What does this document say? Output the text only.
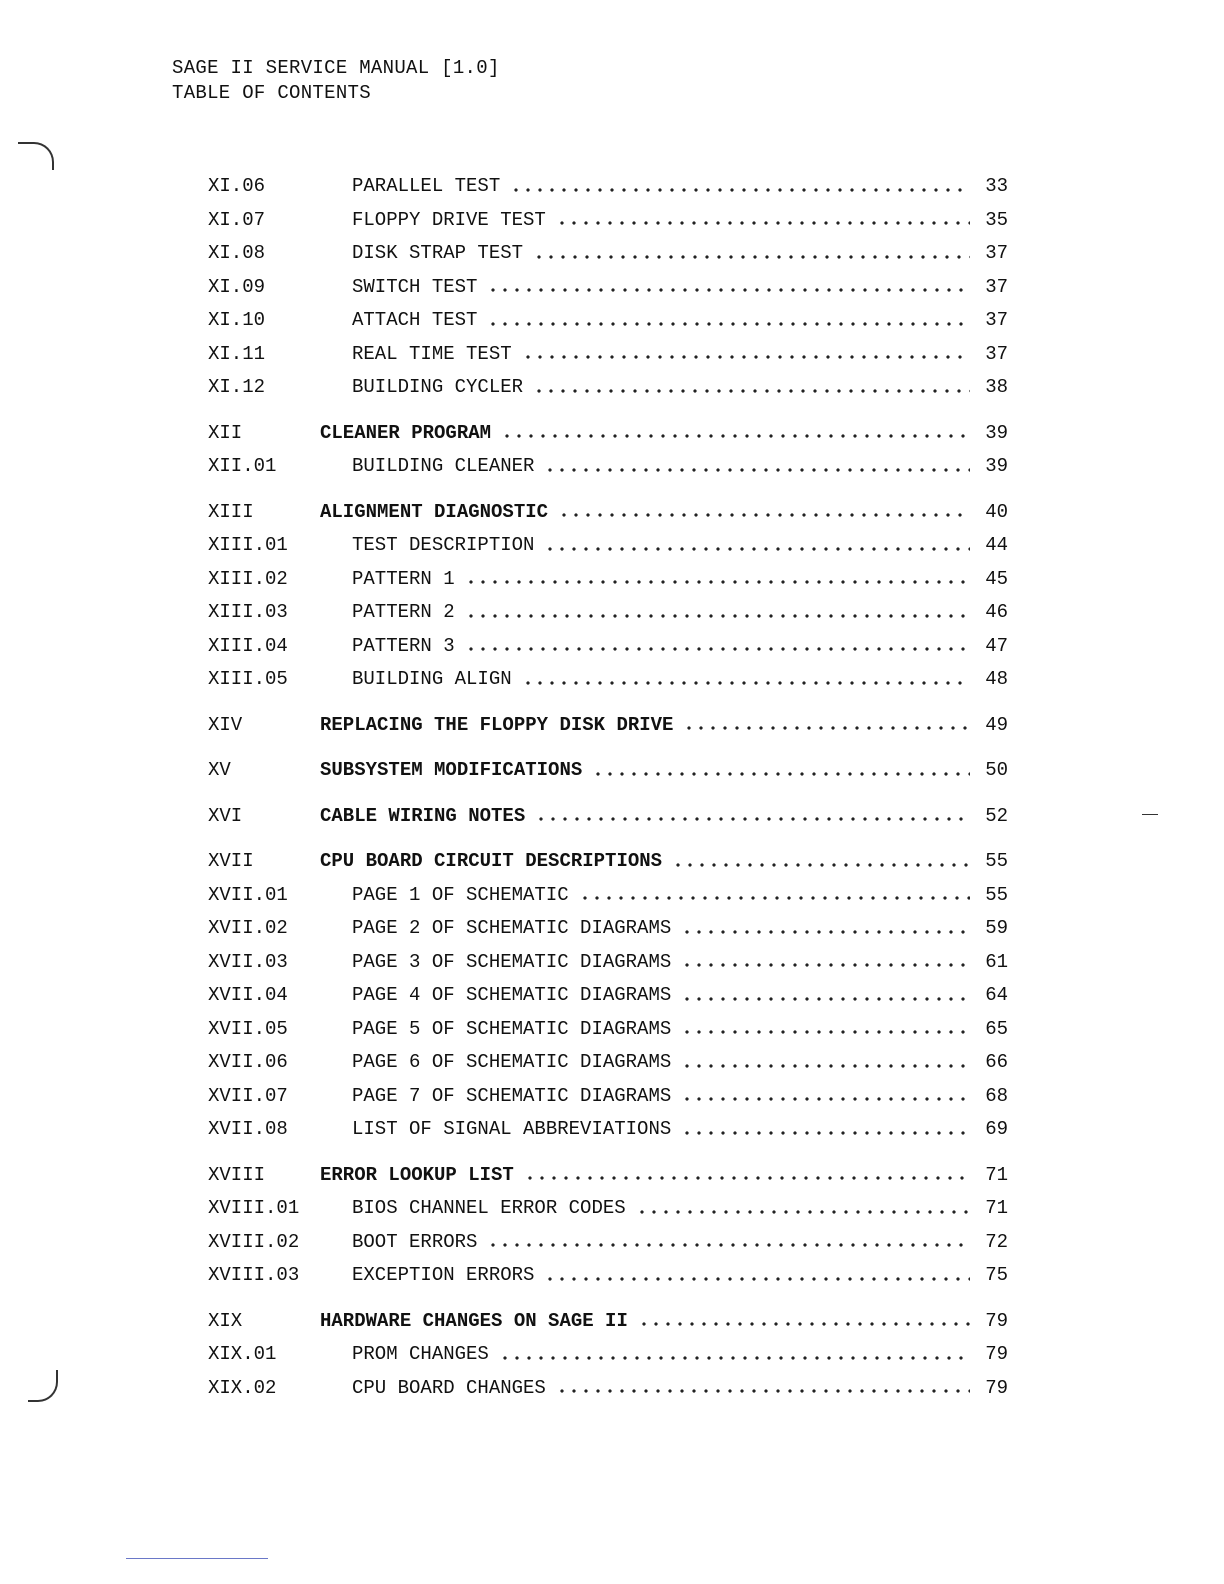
SAGE II SERVICE MANUAL [1.0]
TABLE OF CONTENTS
XI.06	PARALLEL TEST	33
XI.07	FLOPPY DRIVE TEST	35
XI.08	DISK STRAP TEST	37
XI.09	SWITCH TEST	37
XI.10	ATTACH TEST	37
XI.11	REAL TIME TEST	37
XI.12	BUILDING CYCLER	38
XII	CLEANER PROGRAM	39
XII.01	BUILDING CLEANER	39
XIII	ALIGNMENT DIAGNOSTIC	40
XIII.01	TEST DESCRIPTION	44
XIII.02	PATTERN 1	45
XIII.03	PATTERN 2	46
XIII.04	PATTERN 3	47
XIII.05	BUILDING ALIGN	48
XIV	REPLACING THE FLOPPY DISK DRIVE	49
XV	SUBSYSTEM MODIFICATIONS	50
XVI	CABLE WIRING NOTES	52
XVII	CPU BOARD CIRCUIT DESCRIPTIONS	55
XVII.01	PAGE 1 OF SCHEMATIC	55
XVII.02	PAGE 2 OF SCHEMATIC DIAGRAMS	59
XVII.03	PAGE 3 OF SCHEMATIC DIAGRAMS	61
XVII.04	PAGE 4 OF SCHEMATIC DIAGRAMS	64
XVII.05	PAGE 5 OF SCHEMATIC DIAGRAMS	65
XVII.06	PAGE 6 OF SCHEMATIC DIAGRAMS	66
XVII.07	PAGE 7 OF SCHEMATIC DIAGRAMS	68
XVII.08	LIST OF SIGNAL ABBREVIATIONS	69
XVIII	ERROR LOOKUP LIST	71
XVIII.01	BIOS CHANNEL ERROR CODES	71
XVIII.02	BOOT ERRORS	72
XVIII.03	EXCEPTION ERRORS	75
XIX	HARDWARE CHANGES ON SAGE II	79
XIX.01	PROM CHANGES	79
XIX.02	CPU BOARD CHANGES	79
